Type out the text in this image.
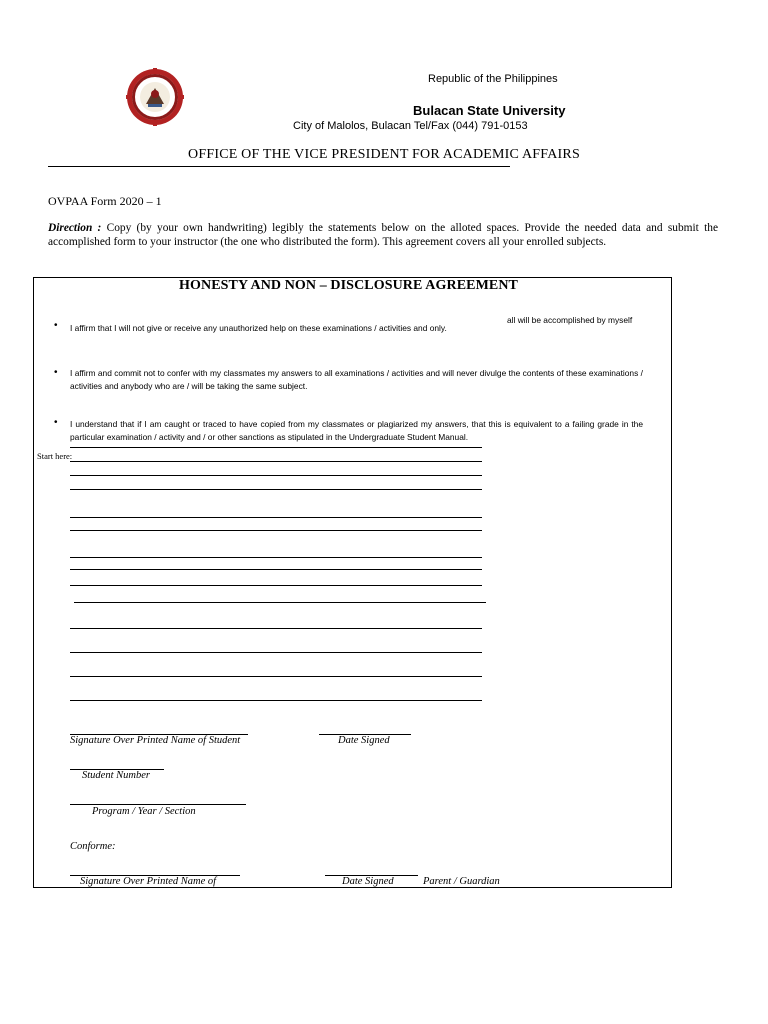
Republic of the Philippines
Bulacan State University
City of Malolos, Bulacan Tel/Fax (044) 791-0153
OFFICE OF THE VICE PRESIDENT FOR ACADEMIC AFFAIRS
OVPAA Form 2020 – 1
Direction : Copy (by your own handwriting) legibly the statements below on the alloted spaces. Provide the needed data and submit the accomplished form to your instructor (the one who distributed the form). This agreement covers all your enrolled subjects.
HONESTY AND NON – DISCLOSURE AGREEMENT
• I affirm that I will not give or receive any unauthorized help on these examinations / activities and only.
all will be accomplished by myself
• I affirm and commit not to confer with my classmates my answers to all examinations / activities and will never divulge the contents of these examinations / activities and anybody who are / will be taking the same subject.
• I understand that if I am caught or traced to have copied from my classmates or plagiarized my answers, that this is equivalent to a failing grade in the particular examination / activity and / or other sanctions as stipulated in the Undergraduate Student Manual.
Start here:
Signature Over Printed Name of Student	Date Signed
Student Number
Program / Year / Section
Conforme:
Signature Over Printed Name of	Date Signed	Parent / Guardian
